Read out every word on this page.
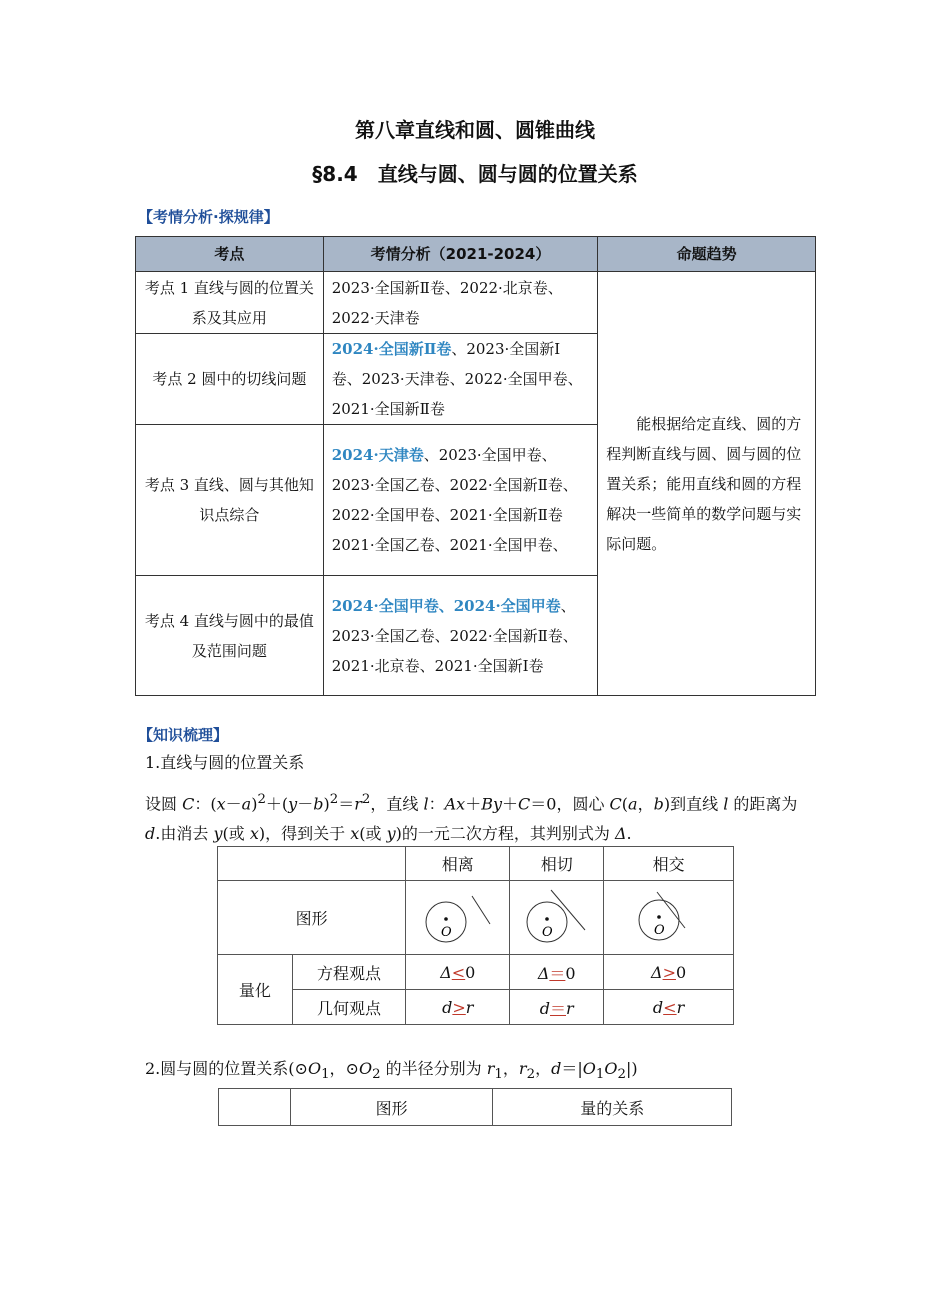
第八章直线和圆、圆锥曲线
§8.4　直线与圆、圆与圆的位置关系
【考情分析·探规律】
考点	考情分析（2021-2024）	命题趋势
考点 1 直线与圆的位置关系及其应用	2023·全国新Ⅱ卷、2022·北京卷、2022·天津卷	能根据给定直线、圆的方程判断直线与圆、圆与圆的位置关系；能用直线和圆的方程解决一些简单的数学问题与实际问题。
考点 2 圆中的切线问题	2024·全国新Ⅱ卷、2023·全国新Ⅰ卷、2023·天津卷、2022·全国甲卷、2021·全国新Ⅱ卷	
考点 3 直线、圆与其他知识点综合	2024·天津卷、2023·全国甲卷、2023·全国乙卷、2022·全国新Ⅱ卷、2022·全国甲卷、2021·全国新Ⅱ卷 2021·全国乙卷、2021·全国甲卷、	
考点 4 直线与圆中的最值及范围问题	2024·全国甲卷、2024·全国甲卷、2023·全国乙卷、2022·全国新Ⅱ卷、2021·北京卷、2021·全国新Ⅰ卷	
【知识梳理】
1.直线与圆的位置关系
设圆 C：$(x-a)^2+(y-b)^2=r^2$，直线 l：Ax＋By＋C＝0，圆心 C(a，b)到直线 l 的距离为 d.由消去 y(或 x)，得到关于 x(或 y)的一元二次方程，其判别式为 Δ.
		相离	相切	相交
图形		O	O	O

量化	方程观点	Δ<0	Δ＝0	Δ>0
	几何观点	d>r	d＝r	d<r
2.圆与圆的位置关系($⊙O_1$，$⊙O_2$ 的半径分别为 $r_1$，$r_2$，$d=|O_1O_2|$)
	图形	量的关系
